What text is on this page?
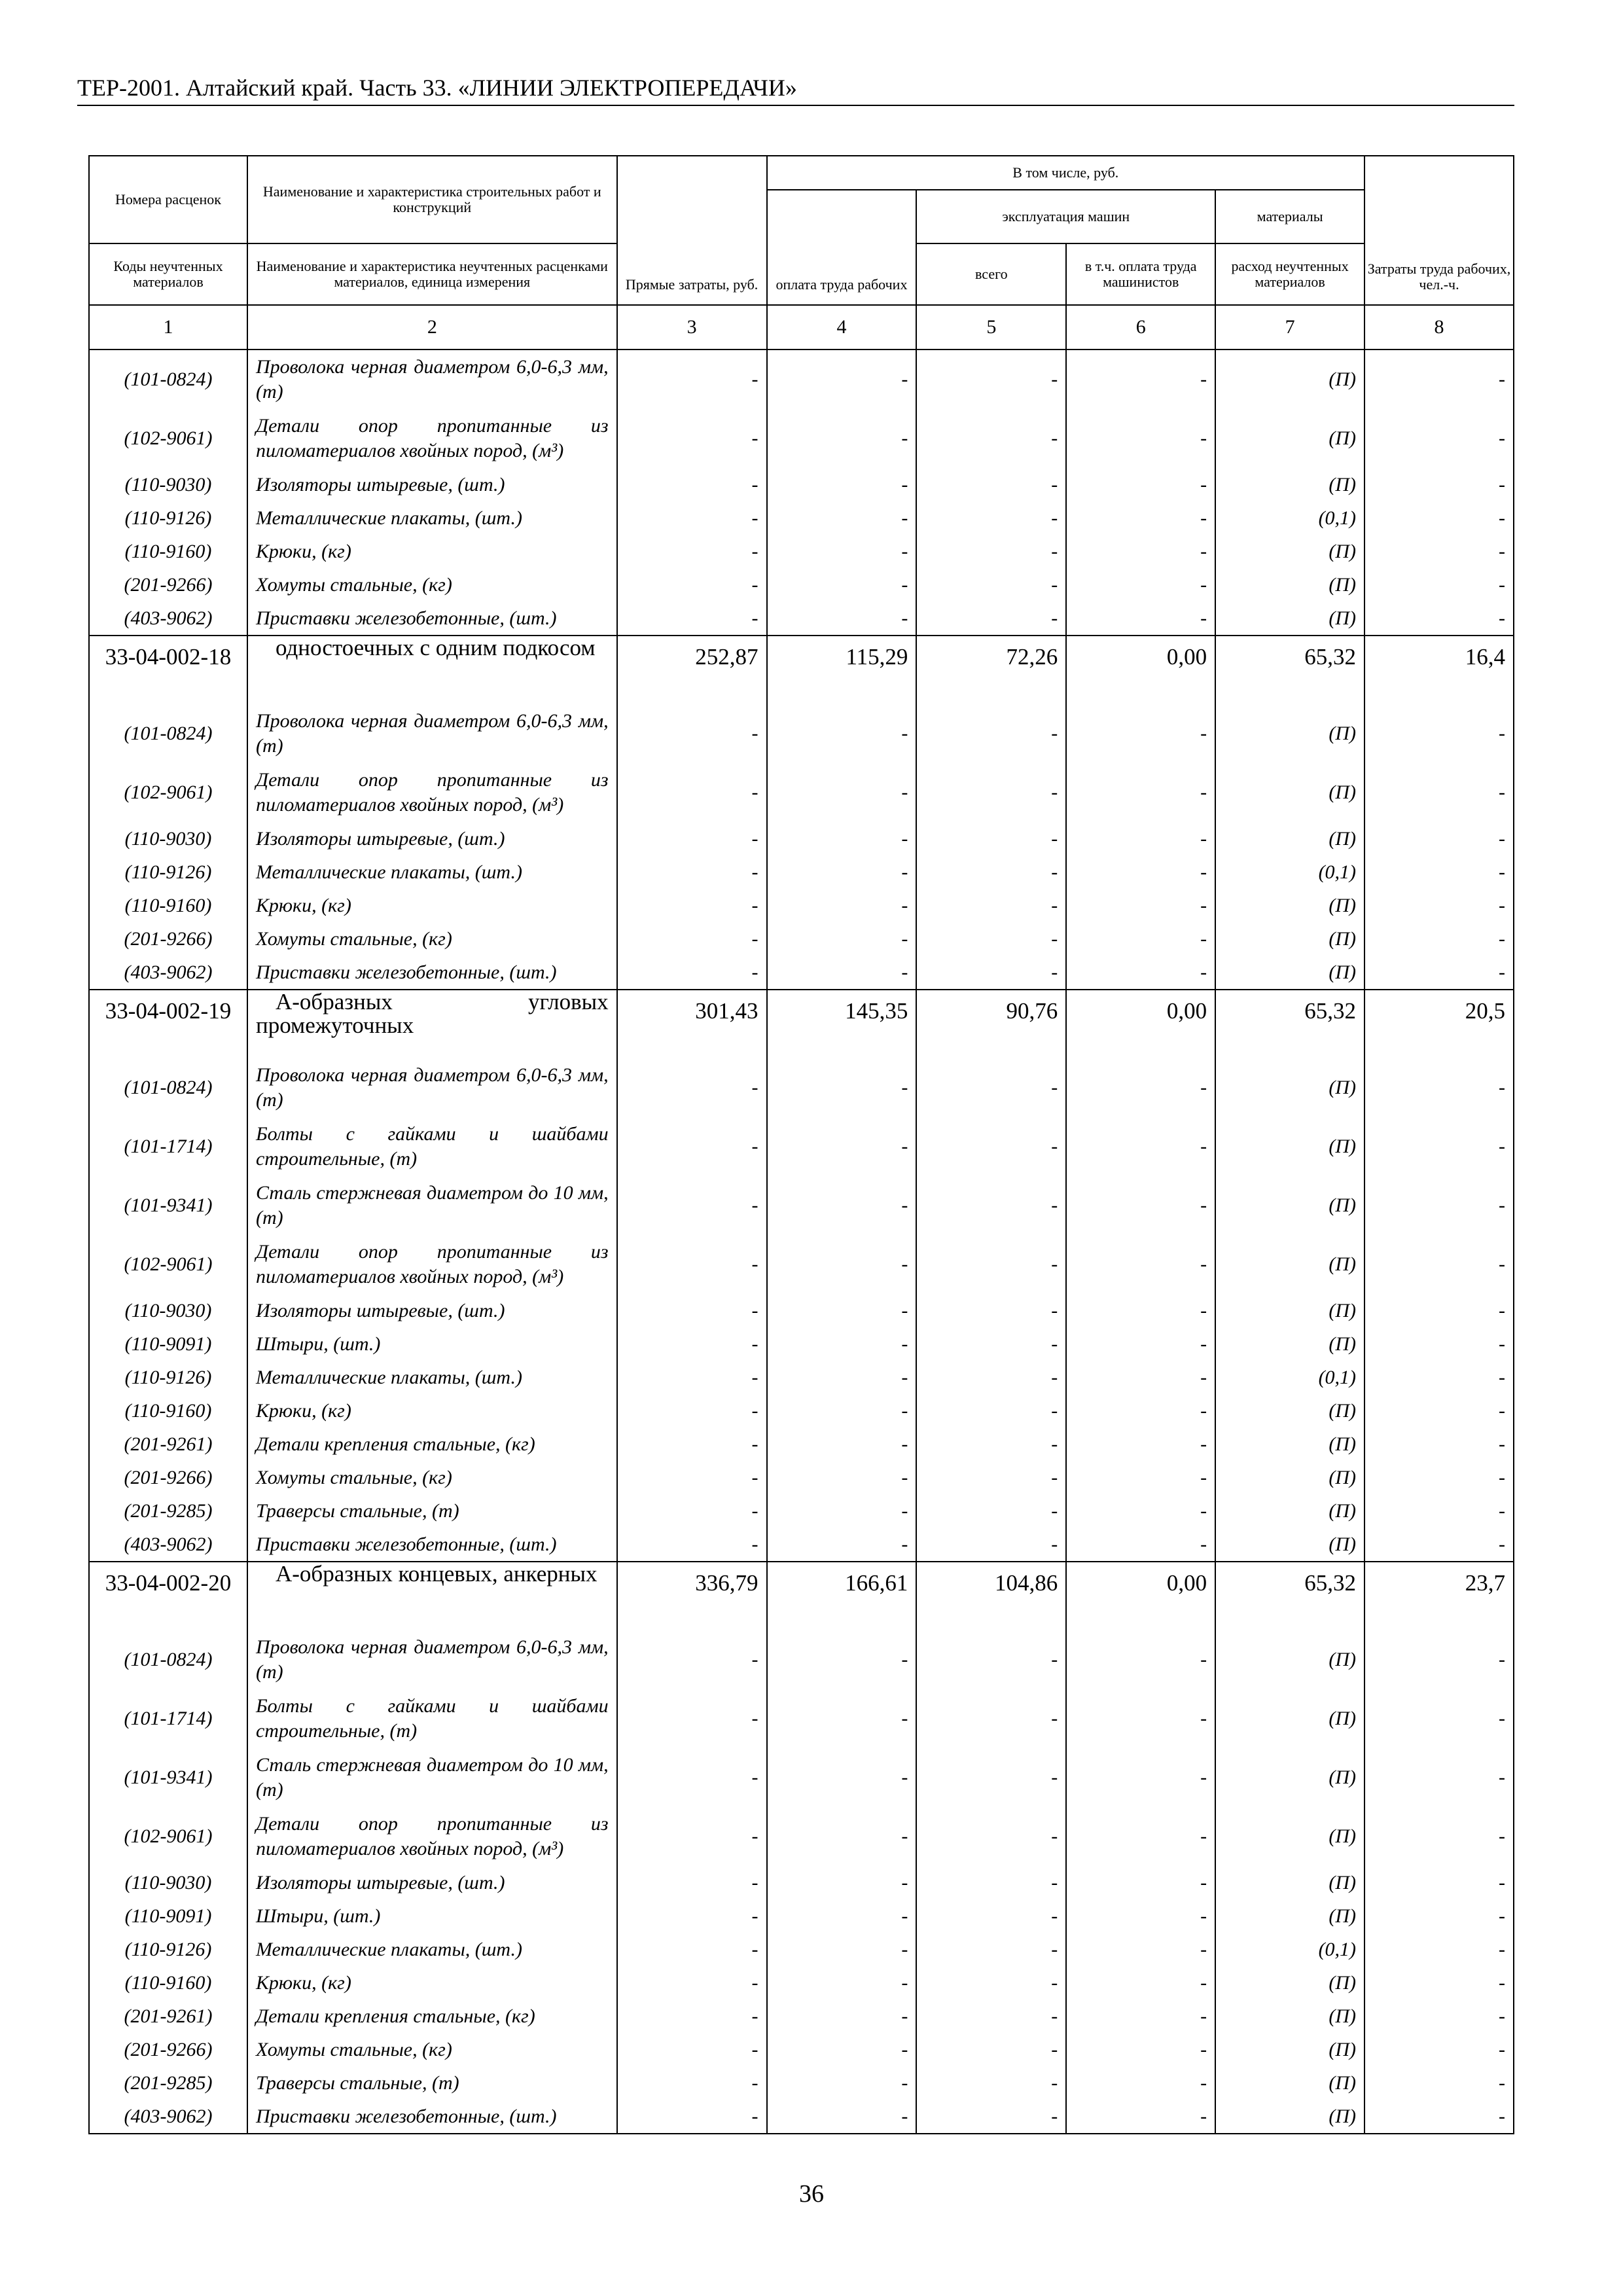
ТЕР-2001. Алтайский край. Часть 33. «ЛИНИИ ЭЛЕКТРОПЕРЕДАЧИ»
Номера расценок	Наименование и характеристика строительных работ и конструкций	Прямые затраты, руб.	В том числе, руб.				Затраты труда рабочих, чел.-ч.
			оплата труда рабочих	эксплуатация машин		материалы	
Коды неучтенных материалов	Наименование и характеристика неучтенных расценками материалов, единица измерения			всего	в т.ч. оплата труда машинистов	расход неучтенных материалов	
1	2	3	4	5	6	7	8
(101-0824)	Проволока черная диаметром 6,0-6,3 мм, (т)	-	-	-	-	(П)	-
(102-9061)	Детали опор пропитанные из пиломатериалов хвойных пород, (м³)	-	-	-	-	(П)	-
(110-9030)	Изоляторы штыревые, (шт.)	-	-	-	-	(П)	-
(110-9126)	Металлические плакаты, (шт.)	-	-	-	-	(0,1)	-
(110-9160)	Крюки, (кг)	-	-	-	-	(П)	-
(201-9266)	Хомуты стальные, (кг)	-	-	-	-	(П)	-
(403-9062)	Приставки железобетонные, (шт.)	-	-	-	-	(П)	-
33-04-002-18	одностоечных с одним подкосом	252,87	115,29	72,26	0,00	65,32	16,4
(101-0824)	Проволока черная диаметром 6,0-6,3 мм, (т)	-	-	-	-	(П)	-
(102-9061)	Детали опор пропитанные из пиломатериалов хвойных пород, (м³)	-	-	-	-	(П)	-
(110-9030)	Изоляторы штыревые, (шт.)	-	-	-	-	(П)	-
(110-9126)	Металлические плакаты, (шт.)	-	-	-	-	(0,1)	-
(110-9160)	Крюки, (кг)	-	-	-	-	(П)	-
(201-9266)	Хомуты стальные, (кг)	-	-	-	-	(П)	-
(403-9062)	Приставки железобетонные, (шт.)	-	-	-	-	(П)	-
33-04-002-19	А-образных угловых промежуточных	301,43	145,35	90,76	0,00	65,32	20,5
(101-0824)	Проволока черная диаметром 6,0-6,3 мм, (т)	-	-	-	-	(П)	-
(101-1714)	Болты с гайками и шайбами строительные, (т)	-	-	-	-	(П)	-
(101-9341)	Сталь стержневая диаметром до 10 мм, (т)	-	-	-	-	(П)	-
(102-9061)	Детали опор пропитанные из пиломатериалов хвойных пород, (м³)	-	-	-	-	(П)	-
(110-9030)	Изоляторы штыревые, (шт.)	-	-	-	-	(П)	-
(110-9091)	Штыри, (шт.)	-	-	-	-	(П)	-
(110-9126)	Металлические плакаты, (шт.)	-	-	-	-	(0,1)	-
(110-9160)	Крюки, (кг)	-	-	-	-	(П)	-
(201-9261)	Детали крепления стальные, (кг)	-	-	-	-	(П)	-
(201-9266)	Хомуты стальные, (кг)	-	-	-	-	(П)	-
(201-9285)	Траверсы стальные, (т)	-	-	-	-	(П)	-
(403-9062)	Приставки железобетонные, (шт.)	-	-	-	-	(П)	-
33-04-002-20	А-образных концевых, анкерных	336,79	166,61	104,86	0,00	65,32	23,7
(101-0824)	Проволока черная диаметром 6,0-6,3 мм, (т)	-	-	-	-	(П)	-
(101-1714)	Болты с гайками и шайбами строительные, (т)	-	-	-	-	(П)	-
(101-9341)	Сталь стержневая диаметром до 10 мм, (т)	-	-	-	-	(П)	-
(102-9061)	Детали опор пропитанные из пиломатериалов хвойных пород, (м³)	-	-	-	-	(П)	-
(110-9030)	Изоляторы штыревые, (шт.)	-	-	-	-	(П)	-
(110-9091)	Штыри, (шт.)	-	-	-	-	(П)	-
(110-9126)	Металлические плакаты, (шт.)	-	-	-	-	(0,1)	-
(110-9160)	Крюки, (кг)	-	-	-	-	(П)	-
(201-9261)	Детали крепления стальные, (кг)	-	-	-	-	(П)	-
(201-9266)	Хомуты стальные, (кг)	-	-	-	-	(П)	-
(201-9285)	Траверсы стальные, (т)	-	-	-	-	(П)	-
(403-9062)	Приставки железобетонные, (шт.)	-	-	-	-	(П)	-
36
